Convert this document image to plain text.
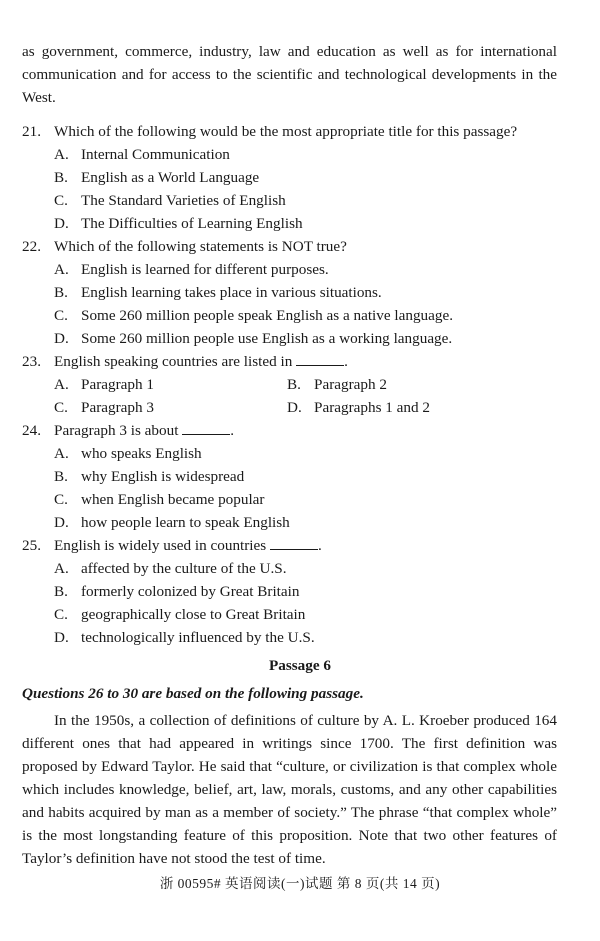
as government, commerce, industry, law and education as well as for international communication and for access to the scientific and technological developments in the West.
21. Which of the following would be the most appropriate title for this passage?
A. Internal Communication
B. English as a World Language
C. The Standard Varieties of English
D. The Difficulties of Learning English
22. Which of the following statements is NOT true?
A. English is learned for different purposes.
B. English learning takes place in various situations.
C. Some 260 million people speak English as a native language.
D. Some 260 million people use English as a working language.
23. English speaking countries are listed in	.
A. Paragraph 1	B. Paragraph 2
C. Paragraph 3	D. Paragraphs 1 and 2
24. Paragraph 3 is about	.
A. who speaks English
B. why English is widespread
C. when English became popular
D. how people learn to speak English
25. English is widely used in countries	.
A. affected by the culture of the U.S.
B. formerly colonized by Great Britain
C. geographically close to Great Britain
D. technologically influenced by the U.S.
Passage 6
Questions 26 to 30 are based on the following passage.
In the 1950s, a collection of definitions of culture by A. L. Kroeber produced 164 different ones that had appeared in writings since 1700. The first definition was proposed by Edward Taylor. He said that “culture, or civilization is that complex whole which includes knowledge, belief, art, law, morals, customs, and any other capabilities and habits acquired by man as a member of society.” The phrase “that complex whole” is the most longstanding feature of this proposition. Note that two other features of Taylor’s definition have not stood the test of time.
浙 00595# 英语阅读(一)试题 第 8 页(共 14 页)
